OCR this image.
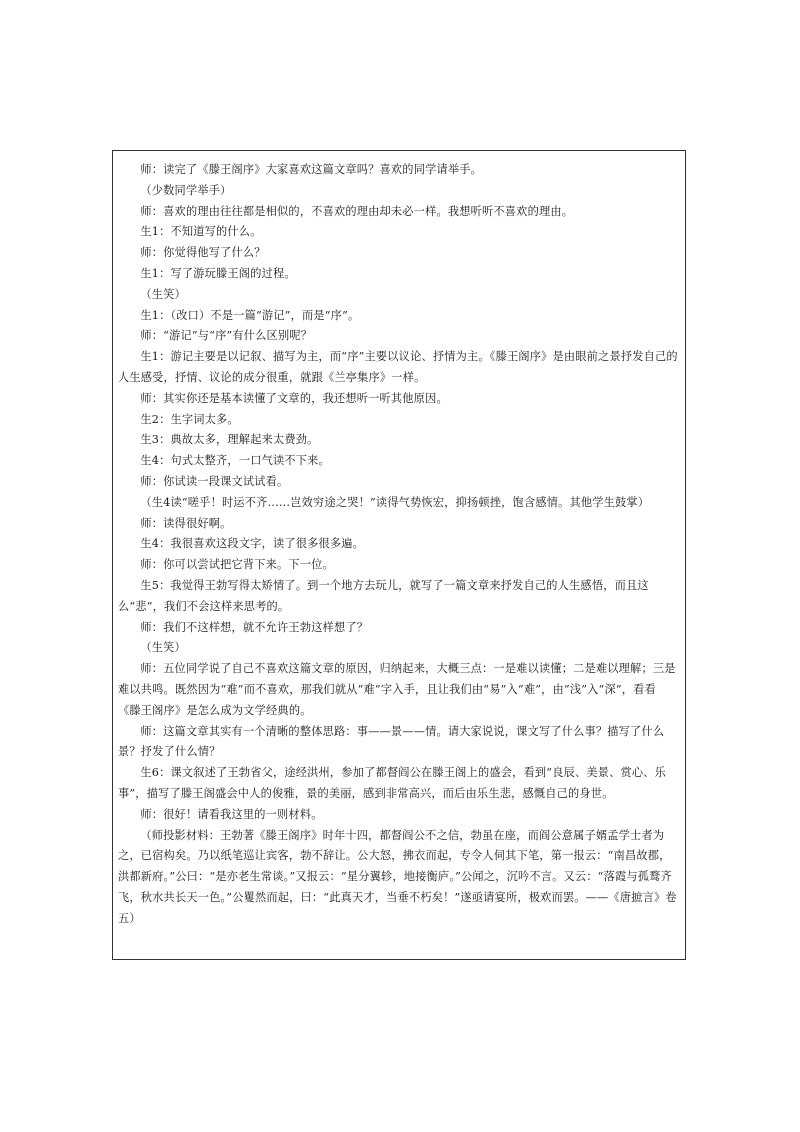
师：读完了《滕王阁序》大家喜欢这篇文章吗？喜欢的同学请举手。

（少数同学举手）

师：喜欢的理由往往都是相似的，不喜欢的理由却未必一样。我想听听不喜欢的理由。

生1：不知道写的什么。

师：你觉得他写了什么？

生1：写了游玩滕王阁的过程。

（生笑）

生1：（改口）不是一篇“游记”，而是“序”。

师：“游记”与“序”有什么区别呢？

生1：游记主要是以记叙、描写为主，而“序”主要以议论、抒情为主。《滕王阁序》是由眼前之景抒发自己的人生感受，抒情、议论的成分很重，就跟《兰亭集序》一样。

师：其实你还是基本读懂了文章的，我还想听一听其他原因。

生2：生字词太多。

生3：典故太多，理解起来太费劲。

生4：句式太整齐，一口气读不下来。

师：你试读一段课文试试看。

（生4读“嗟乎！时运不齐……岂效穷途之哭！”读得气势恢宏，抑扬顿挫，饱含感情。其他学生鼓掌）

师：读得很好啊。

生4：我很喜欢这段文字，读了很多很多遍。

师：你可以尝试把它背下来。下一位。

生5：我觉得王勃写得太矫情了。到一个地方去玩儿，就写了一篇文章来抒发自己的人生感悟，而且这么“悲”，我们不会这样来思考的。

师：我们不这样想，就不允许王勃这样想了？

（生笑）

师：五位同学说了自己不喜欢这篇文章的原因，归纳起来，大概三点：一是难以读懂；二是难以理解；三是难以共鸣。既然因为“难”而不喜欢，那我们就从“难”字入手，且让我们由“易”入“难”，由“浅”入“深”，看看《滕王阁序》是怎么成为文学经典的。

师：这篇文章其实有一个清晰的整体思路：事——景——情。请大家说说，课文写了什么事？描写了什么景？抒发了什么情？

生6：课文叙述了王勃省父，途经洪州，参加了都督阎公在滕王阁上的盛会，看到“良辰、美景、赏心、乐事”，描写了滕王阁盛会中人的俊雅，景的美丽，感到非常高兴，而后由乐生悲，感慨自己的身世。

师：很好！请看我这里的一则材料。

（师投影材料：王勃著《滕王阁序》时年十四，都督阎公不之信，勃虽在座，而阎公意属子婿孟学士者为之，已宿构矣。乃以纸笔巡让宾客，勃不辞让。公大怒，拂衣而起，专令人伺其下笔，第一报云：“南昌故郡，洪都新府。”公曰：“是亦老生常谈。”又报云：“星分翼轸，地接衡庐。”公闻之，沉吟不言。又云：“落霞与孤鹜齐飞，秋水共长天一色。”公矍然而起，曰：“此真天才，当垂不朽矣！”遂亟请宴所，极欢而罢。——《唐摭言》卷五）
